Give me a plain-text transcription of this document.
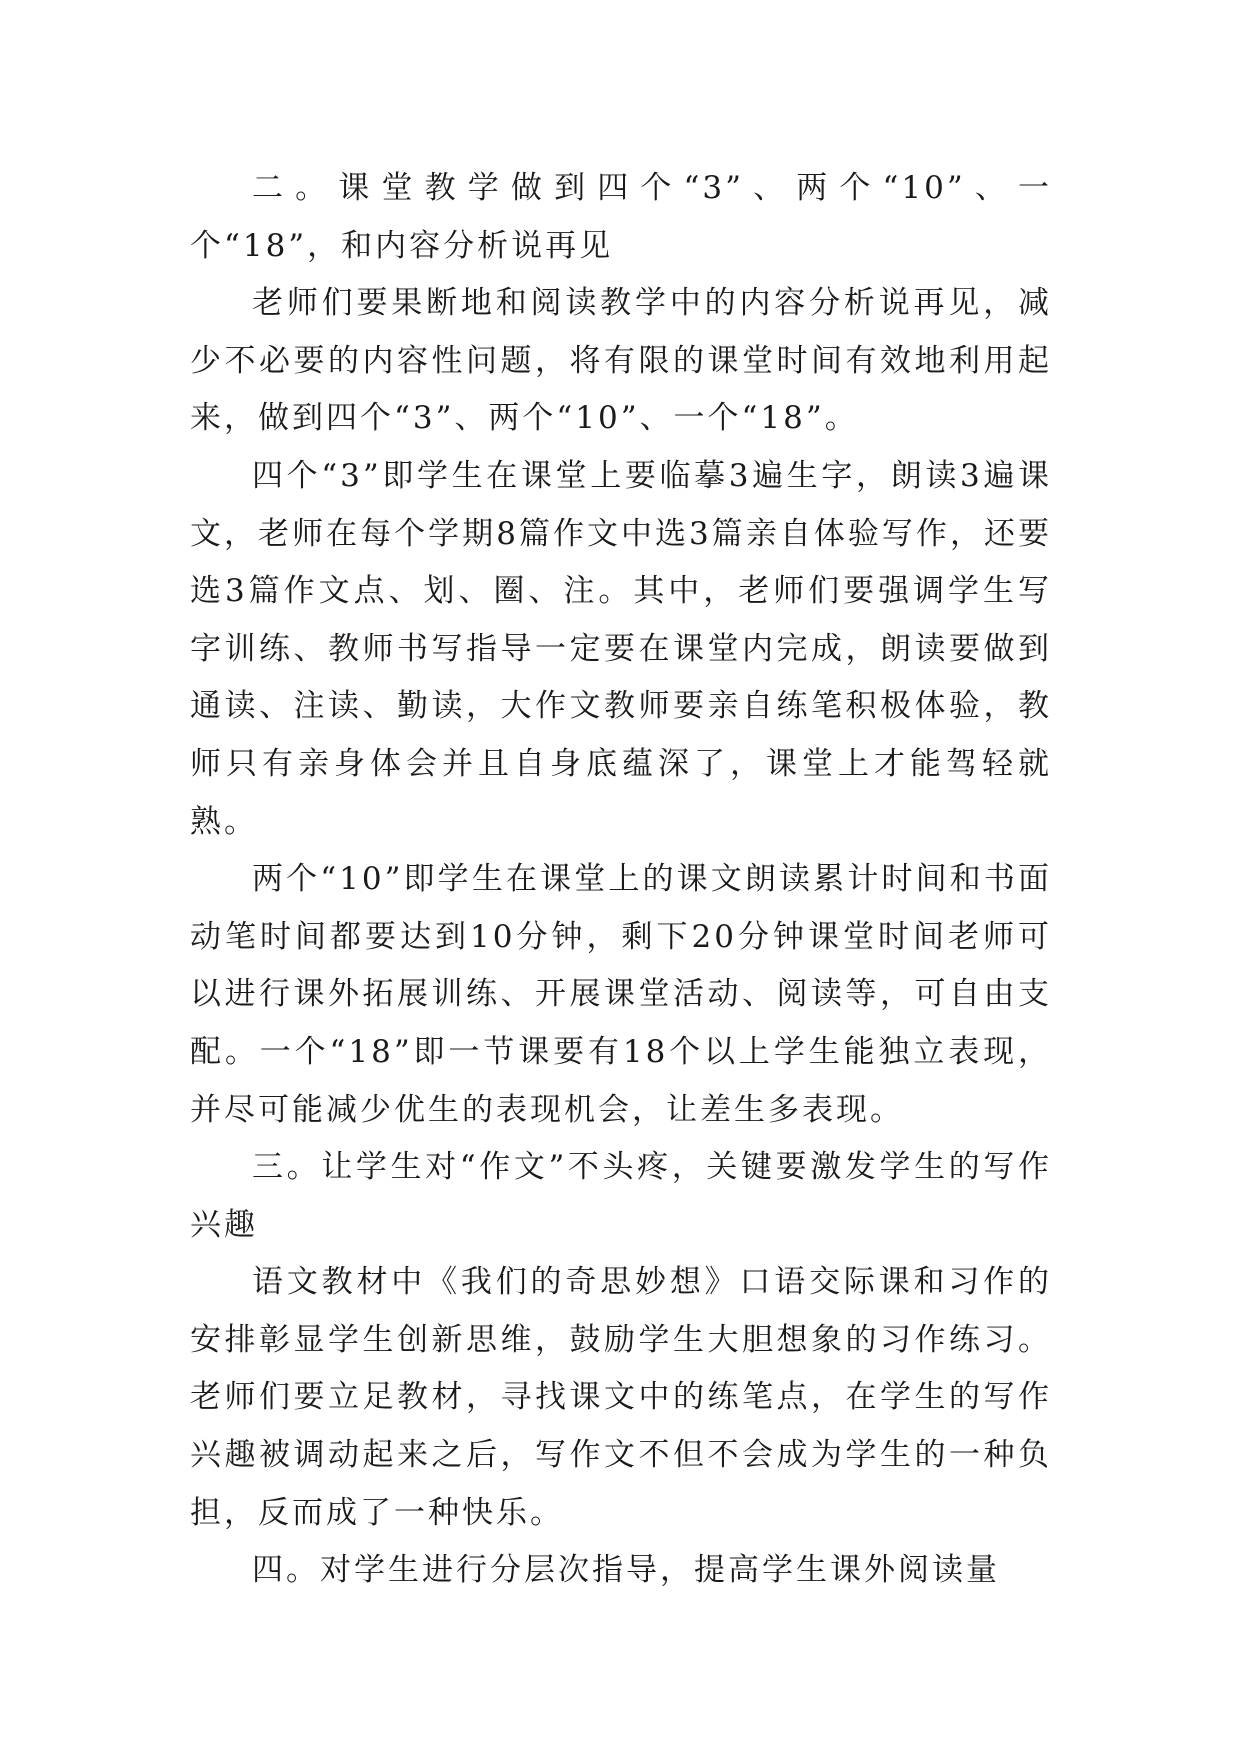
二。课堂教学做到四个“3”、两个“10”、一个“18”，和内容分析说再见

老师们要果断地和阅读教学中的内容分析说再见，减少不必要的内容性问题，将有限的课堂时间有效地利用起来，做到四个“3”、两个“10”、一个“18”。

四个“3”即学生在课堂上要临摹3遍生字，朗读3遍课文，老师在每个学期8篇作文中选3篇亲自体验写作，还要选3篇作文点、划、圈、注。其中，老师们要强调学生写字训练、教师书写指导一定要在课堂内完成，朗读要做到通读、注读、勤读，大作文教师要亲自练笔积极体验，教师只有亲身体会并且自身底蕴深了，课堂上才能驾轻就熟。

两个“10”即学生在课堂上的课文朗读累计时间和书面动笔时间都要达到10分钟，剩下20分钟课堂时间老师可以进行课外拓展训练、开展课堂活动、阅读等，可自由支配。一个“18”即一节课要有18个以上学生能独立表现，并尽可能减少优生的表现机会，让差生多表现。

三。让学生对“作文”不头疼，关键要激发学生的写作兴趣

语文教材中《我们的奇思妙想》口语交际课和习作的安排彰显学生创新思维，鼓励学生大胆想象的习作练习。老师们要立足教材，寻找课文中的练笔点，在学生的写作兴趣被调动起来之后，写作文不但不会成为学生的一种负担，反而成了一种快乐。

四。对学生进行分层次指导，提高学生课外阅读量
